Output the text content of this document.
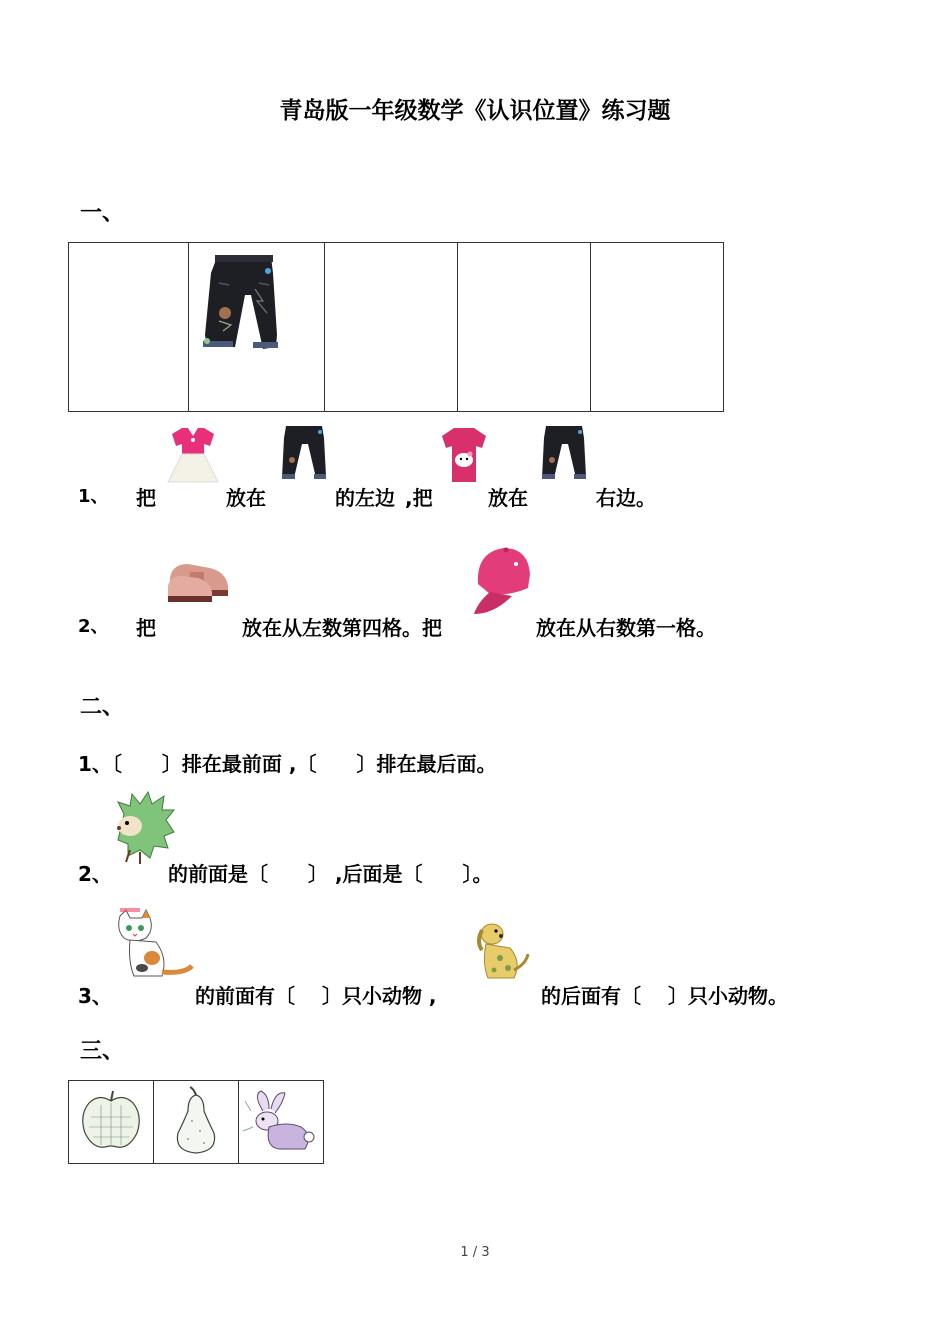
青岛版一年级数学《认识位置》练习题
一、

1、 把	放在	的左边 ,把	放在	右边。
2、 把	放在从左数第四格。把	放在从右数第一格。
二、
1、〔　　〕排在最前面 ,〔　　〕排在最后面。
2、	的前面是〔　　〕 ,后面是〔　　〕。
3、	的前面有〔　 〕只小动物 ,	的后面有〔　 〕只小动物。
三、

1 / 3
